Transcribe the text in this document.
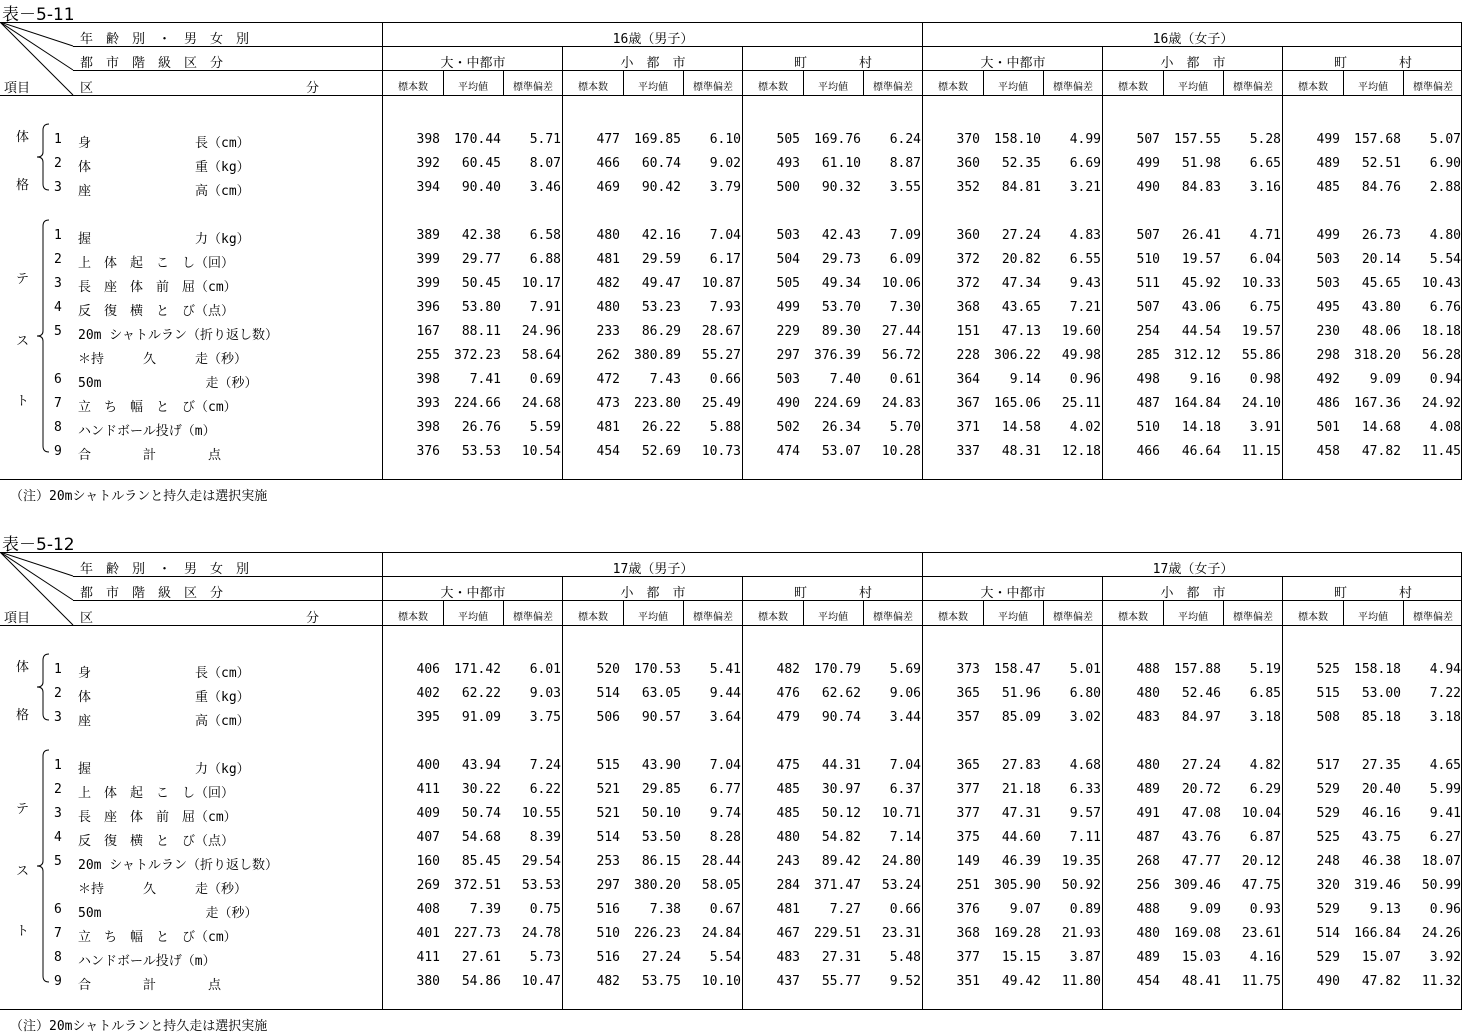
表－5-11
年　齢　別　・　男　女　別
都　市　階　級　区　分
区	分
項目
16歳（男子）	16歳（女子）
大・中都市	小　都　市	町　　　　村	大・中都市	小　都　市	町　　　　村
標本数	平均値	標準偏差	標本数	平均値	標準偏差	標本数	平均値	標準偏差	標本数	平均値	標準偏差	標本数	平均値	標準偏差	標本数	平均値	標準偏差
体
格
テ
ス
ト
1 身　　　　　　　　長（cm）	398	170.44	5.71	477	169.85	6.10	505	169.76	6.24	370	158.10	4.99	507	157.55	5.28	499	157.68	5.07
2 体　　　　　　　　重（kg）	392	60.45	8.07	466	60.74	9.02	493	61.10	8.87	360	52.35	6.69	499	51.98	6.65	489	52.51	6.90
3 座　　　　　　　　高（cm）	394	90.40	3.46	469	90.42	3.79	500	90.32	3.55	352	84.81	3.21	490	84.83	3.16	485	84.76	2.88
1 握　　　　　　　　力（kg）	389	42.38	6.58	480	42.16	7.04	503	42.43	7.09	360	27.24	4.83	507	26.41	4.71	499	26.73	4.80
2 上　体　起　こ　し（回）	399	29.77	6.88	481	29.59	6.17	504	29.73	6.09	372	20.82	6.55	510	19.57	6.04	503	20.14	5.54
3 長　座　体　前　屈（cm）	399	50.45	10.17	482	49.47	10.87	505	49.34	10.06	372	47.34	9.43	511	45.92	10.33	503	45.65	10.43
4 反　復　横　と　び（点）	396	53.80	7.91	480	53.23	7.93	499	53.70	7.30	368	43.65	7.21	507	43.06	6.75	495	43.80	6.76
5 20m シャトルラン（折り返し数）	167	88.11	24.96	233	86.29	28.67	229	89.30	27.44	151	47.13	19.60	254	44.54	19.57	230	48.06	18.18
＊持　　　久　　　走（秒）	255	372.23	58.64	262	380.89	55.27	297	376.39	56.72	228	306.22	49.98	285	312.12	55.86	298	318.20	56.28
6 50m　　　　　　　　走（秒）	398	7.41	0.69	472	7.43	0.66	503	7.40	0.61	364	9.14	0.96	498	9.16	0.98	492	9.09	0.94
7 立　ち　幅　と　び（cm）	393	224.66	24.68	473	223.80	25.49	490	224.69	24.83	367	165.06	25.11	487	164.84	24.10	486	167.36	24.92
8 ハンドボール投げ（m）	398	26.76	5.59	481	26.22	5.88	502	26.34	5.70	371	14.58	4.02	510	14.18	3.91	501	14.68	4.08
9 合　　　　計　　　　点	376	53.53	10.54	454	52.69	10.73	474	53.07	10.28	337	48.31	12.18	466	46.64	11.15	458	47.82	11.45
（注）20mシャトルランと持久走は選択実施
表－5-12
年　齢　別　・　男　女　別
都　市　階　級　区　分
区	分
項目
17歳（男子）	17歳（女子）
大・中都市	小　都　市	町　　　　村	大・中都市	小　都　市	町　　　　村
標本数	平均値	標準偏差	標本数	平均値	標準偏差	標本数	平均値	標準偏差	標本数	平均値	標準偏差	標本数	平均値	標準偏差	標本数	平均値	標準偏差
体
格
テ
ス
ト
1 身　　　　　　　　長（cm）	406	171.42	6.01	520	170.53	5.41	482	170.79	5.69	373	158.47	5.01	488	157.88	5.19	525	158.18	4.94
2 体　　　　　　　　重（kg）	402	62.22	9.03	514	63.05	9.44	476	62.62	9.06	365	51.96	6.80	480	52.46	6.85	515	53.00	7.22
3 座　　　　　　　　高（cm）	395	91.09	3.75	506	90.57	3.64	479	90.74	3.44	357	85.09	3.02	483	84.97	3.18	508	85.18	3.18
1 握　　　　　　　　力（kg）	400	43.94	7.24	515	43.90	7.04	475	44.31	7.04	365	27.83	4.68	480	27.24	4.82	517	27.35	4.65
2 上　体　起　こ　し（回）	411	30.22	6.22	521	29.85	6.77	485	30.97	6.37	377	21.18	6.33	489	20.72	6.29	529	20.40	5.99
3 長　座　体　前　屈（cm）	409	50.74	10.55	521	50.10	9.74	485	50.12	10.71	377	47.31	9.57	491	47.08	10.04	529	46.16	9.41
4 反　復　横　と　び（点）	407	54.68	8.39	514	53.50	8.28	480	54.82	7.14	375	44.60	7.11	487	43.76	6.87	525	43.75	6.27
5 20m シャトルラン（折り返し数）	160	85.45	29.54	253	86.15	28.44	243	89.42	24.80	149	46.39	19.35	268	47.77	20.12	248	46.38	18.07
＊持　　　久　　　走（秒）	269	372.51	53.53	297	380.20	58.05	284	371.47	53.24	251	305.90	50.92	256	309.46	47.75	320	319.46	50.99
6 50m　　　　　　　　走（秒）	408	7.39	0.75	516	7.38	0.67	481	7.27	0.66	376	9.07	0.89	488	9.09	0.93	529	9.13	0.96
7 立　ち　幅　と　び（cm）	401	227.73	24.78	510	226.23	24.84	467	229.51	23.31	368	169.28	21.93	480	169.08	23.61	514	166.84	24.26
8 ハンドボール投げ（m）	411	27.61	5.73	516	27.24	5.54	483	27.31	5.48	377	15.15	3.87	489	15.03	4.16	529	15.07	3.92
9 合　　　　計　　　　点	380	54.86	10.47	482	53.75	10.10	437	55.77	9.52	351	49.42	11.80	454	48.41	11.75	490	47.82	11.32
（注）20mシャトルランと持久走は選択実施
